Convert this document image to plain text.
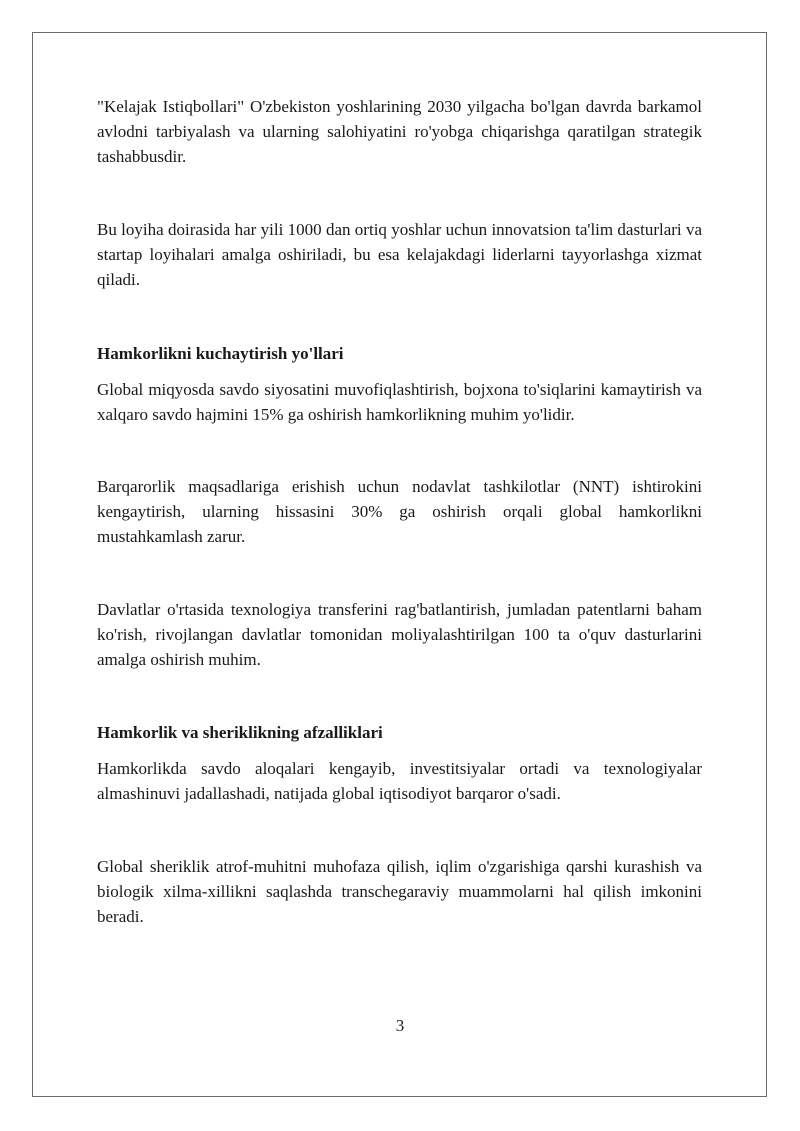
"Kelajak Istiqbollari" O'zbekiston yoshlarining 2030 yilgacha bo'lgan davrda barkamol avlodni tarbiyalash va ularning salohiyatini ro'yobga chiqarishga qaratilgan strategik tashabbusdir.

Bu loyiha doirasida har yili 1000 dan ortiq yoshlar uchun innovatsion ta'lim dasturlari va startap loyihalari amalga oshiriladi, bu esa kelajakdagi liderlarni tayyorlashga xizmat qiladi.

Hamkorlikni kuchaytirish yo'llari

Global miqyosda savdo siyosatini muvofiqlashtirish, bojxona to'siqlarini kamaytirish va xalqaro savdo hajmini 15% ga oshirish hamkorlikning muhim yo'lidir.

Barqarorlik maqsadlariga erishish uchun nodavlat tashkilotlar (NNT) ishtirokini kengaytirish, ularning hissasini 30% ga oshirish orqali global hamkorlikni mustahkamlash zarur.

Davlatlar o'rtasida texnologiya transferini rag'batlantirish, jumladan patentlarni baham ko'rish, rivojlangan davlatlar tomonidan moliyalashtirilgan 100 ta o'quv dasturlarini amalga oshirish muhim.

Hamkorlik va sheriklikning afzalliklari

Hamkorlikda savdo aloqalari kengayib, investitsiyalar ortadi va texnologiyalar almashinuvi jadallashadi, natijada global iqtisodiyot barqaror o'sadi.

Global sheriklik atrof-muhitni muhofaza qilish, iqlim o'zgarishiga qarshi kurashish va biologik xilma-xillikni saqlashda transchegaraviy muammolarni hal qilish imkonini beradi.

3
